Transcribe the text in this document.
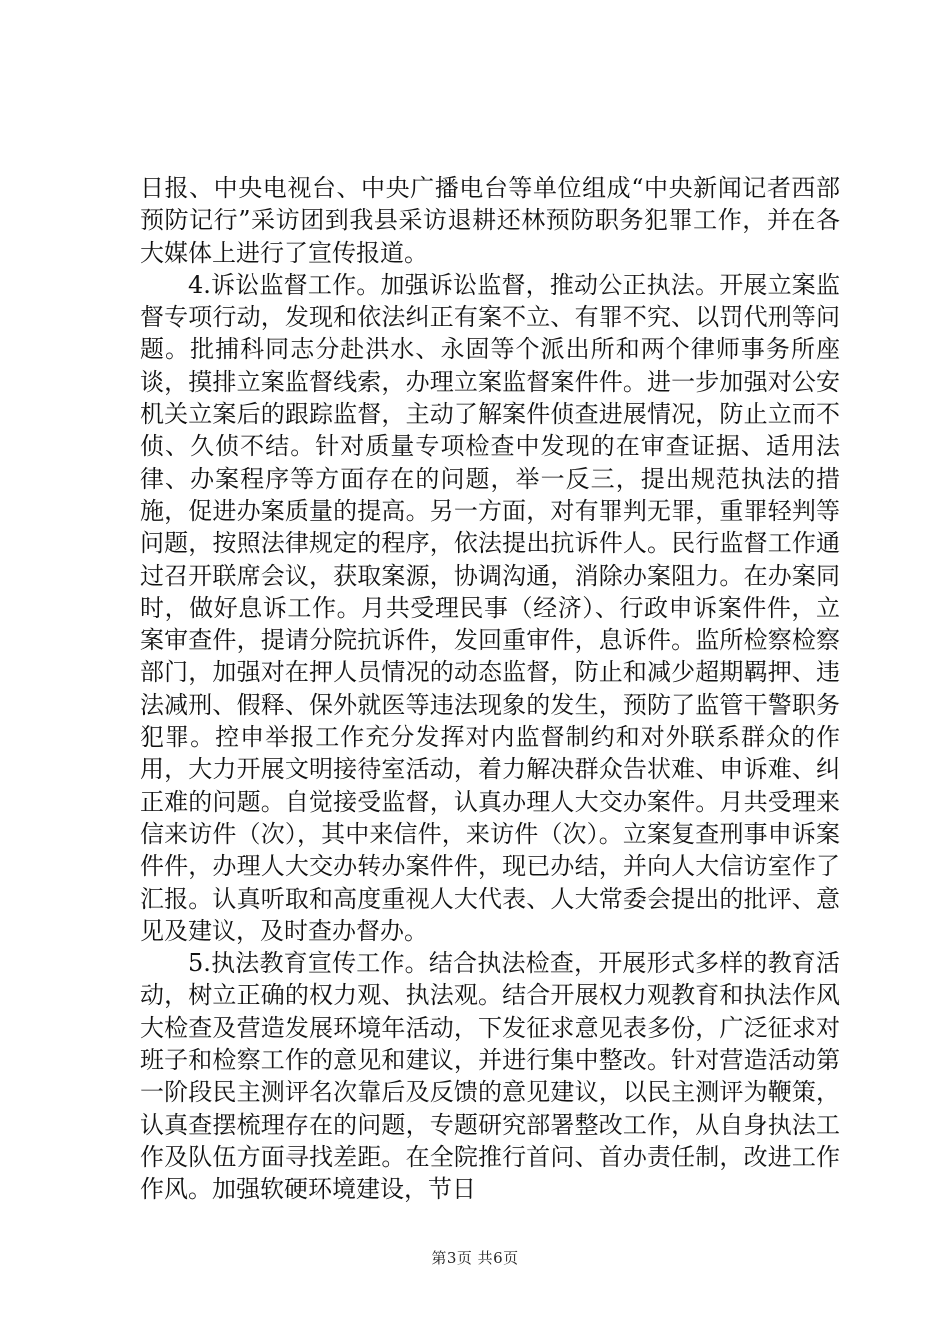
日报、中央电视台、中央广播电台等单位组成“中央新闻记者西部预防记行”采访团到我县采访退耕还林预防职务犯罪工作，并在各大媒体上进行了宣传报道。

4.诉讼监督工作。加强诉讼监督，推动公正执法。开展立案监督专项行动，发现和依法纠正有案不立、有罪不究、以罚代刑等问题。批捕科同志分赴洪水、永固等个派出所和两个律师事务所座谈，摸排立案监督线索，办理立案监督案件件。进一步加强对公安机关立案后的跟踪监督，主动了解案件侦查进展情况，防止立而不侦、久侦不结。针对质量专项检查中发现的在审查证据、适用法律、办案程序等方面存在的问题，举一反三，提出规范执法的措施，促进办案质量的提高。另一方面，对有罪判无罪，重罪轻判等问题，按照法律规定的程序，依法提出抗诉件人。民行监督工作通过召开联席会议，获取案源，协调沟通，消除办案阻力。在办案同时，做好息诉工作。月共受理民事（经济）、行政申诉案件件，立案审查件，提请分院抗诉件，发回重审件，息诉件。监所检察检察部门，加强对在押人员情况的动态监督，防止和减少超期羁押、违法减刑、假释、保外就医等违法现象的发生，预防了监管干警职务犯罪。控申举报工作充分发挥对内监督制约和对外联系群众的作用，大力开展文明接待室活动，着力解决群众告状难、申诉难、纠正难的问题。自觉接受监督，认真办理人大交办案件。月共受理来信来访件（次），其中来信件，来访件（次）。立案复查刑事申诉案件件，办理人大交办转办案件件，现已办结，并向人大信访室作了汇报。认真听取和高度重视人大代表、人大常委会提出的批评、意见及建议，及时查办督办。

5.执法教育宣传工作。结合执法检查，开展形式多样的教育活动，树立正确的权力观、执法观。结合开展权力观教育和执法作风大检查及营造发展环境年活动，下发征求意见表多份，广泛征求对班子和检察工作的意见和建议，并进行集中整改。针对营造活动第一阶段民主测评名次靠后及反馈的意见建议，以民主测评为鞭策，认真查摆梳理存在的问题，专题研究部署整改工作，从自身执法工作及队伍方面寻找差距。在全院推行首问、首办责任制，改进工作作风。加强软硬环境建设，节日

第3页 共6页
